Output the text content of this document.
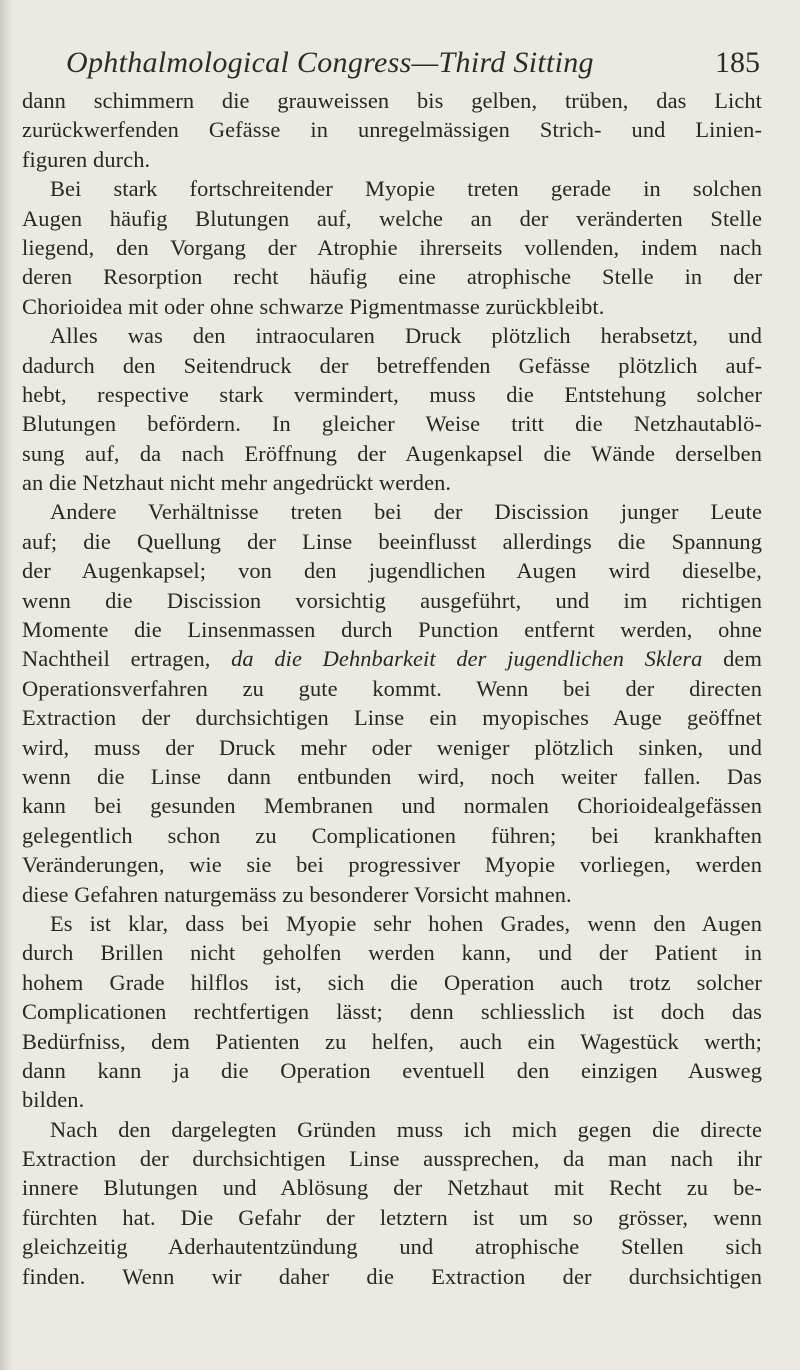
Ophthalmological Congress—Third Sitting	185
dann schimmern die grauweissen bis gelben, trüben, das Licht
zurückwerfenden Gefässe in unregelmässigen Strich- und Linien-
figuren durch.
Bei stark fortschreitender Myopie treten gerade in solchen
Augen häufig Blutungen auf, welche an der veränderten Stelle
liegend, den Vorgang der Atrophie ihrerseits vollenden, indem nach
deren Resorption recht häufig eine atrophische Stelle in der
Chorioidea mit oder ohne schwarze Pigmentmasse zurückbleibt.
Alles was den intraocularen Druck plötzlich herabsetzt, und
dadurch den Seitendruck der betreffenden Gefässe plötzlich auf-
hebt, respective stark vermindert, muss die Entstehung solcher
Blutungen befördern. In gleicher Weise tritt die Netzhautablö-
sung auf, da nach Eröffnung der Augenkapsel die Wände derselben
an die Netzhaut nicht mehr angedrückt werden.
Andere Verhältnisse treten bei der Discission junger Leute
auf; die Quellung der Linse beeinflusst allerdings die Spannung
der Augenkapsel; von den jugendlichen Augen wird dieselbe,
wenn die Discission vorsichtig ausgeführt, und im richtigen
Momente die Linsenmassen durch Punction entfernt werden, ohne
Nachtheil ertragen, da die Dehnbarkeit der jugendlichen Sklera dem
Operationsverfahren zu gute kommt. Wenn bei der directen
Extraction der durchsichtigen Linse ein myopisches Auge geöffnet
wird, muss der Druck mehr oder weniger plötzlich sinken, und
wenn die Linse dann entbunden wird, noch weiter fallen. Das
kann bei gesunden Membranen und normalen Chorioidealgefässen
gelegentlich schon zu Complicationen führen; bei krankhaften
Veränderungen, wie sie bei progressiver Myopie vorliegen, werden
diese Gefahren naturgemäss zu besonderer Vorsicht mahnen.
Es ist klar, dass bei Myopie sehr hohen Grades, wenn den Augen
durch Brillen nicht geholfen werden kann, und der Patient in
hohem Grade hilflos ist, sich die Operation auch trotz solcher
Complicationen rechtfertigen lässt; denn schliesslich ist doch das
Bedürfniss, dem Patienten zu helfen, auch ein Wagestück werth;
dann kann ja die Operation eventuell den einzigen Ausweg
bilden.
Nach den dargelegten Gründen muss ich mich gegen die directe
Extraction der durchsichtigen Linse aussprechen, da man nach ihr
innere Blutungen und Ablösung der Netzhaut mit Recht zu be-
fürchten hat. Die Gefahr der letztern ist um so grösser, wenn
gleichzeitig Aderhautentzündung und atrophische Stellen sich
finden. Wenn wir daher die Extraction der durchsichtigen
